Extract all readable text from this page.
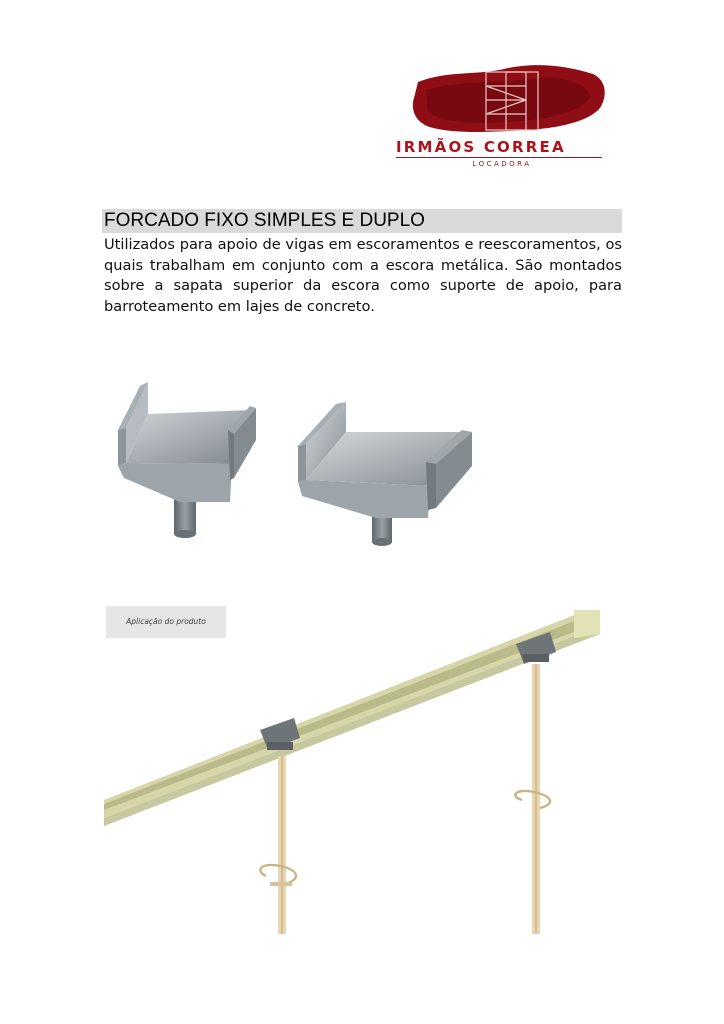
IRMÃOS CORREA
LOCADORA
FORCADO FIXO SIMPLES E DUPLO

Utilizados para apoio de vigas em escoramentos e reescoramentos, os quais trabalham em conjunto com a escora metálica. São montados sobre a sapata superior da escora como suporte de apoio, para barroteamento em lajes de concreto.

Aplicação do produto
